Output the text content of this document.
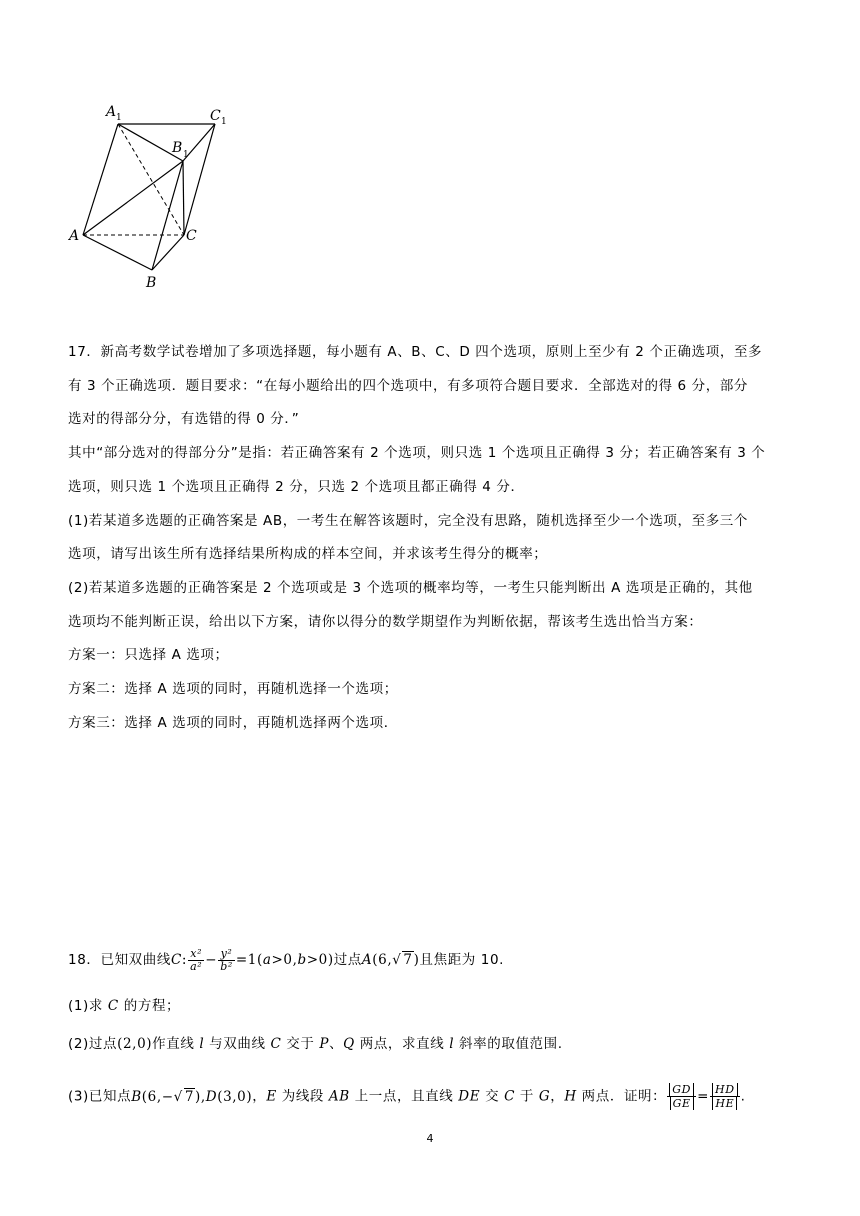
A 1	C 1
B 1
A	C
B
17．新高考数学试卷增加了多项选择题，每小题有 A、B、C、D 四个选项，原则上至少有 2 个正确选项，至多
有 3 个正确选项．题目要求：“在每小题给出的四个选项中，有多项符合题目要求．全部选对的得 6 分，部分
选对的得部分分，有选错的得 0 分．”
其中“部分选对的得部分分”是指：若正确答案有 2 个选项，则只选 1 个选项且正确得 3 分；若正确答案有 3 个
选项，则只选 1 个选项且正确得 2 分，只选 2 个选项且都正确得 4 分．
(1)若某道多选题的正确答案是 AB，一考生在解答该题时，完全没有思路，随机选择至少一个选项，至多三个
选项，请写出该生所有选择结果所构成的样本空间，并求该考生得分的概率；
(2)若某道多选题的正确答案是 2 个选项或是 3 个选项的概率均等，一考生只能判断出 A 选项是正确的，其他
选项均不能判断正误，给出以下方案，请你以得分的数学期望作为判断依据，帮该考生选出恰当方案：
方案一：只选择 A 选项；
方案二：选择 A 选项的同时，再随机选择一个选项；
方案三：选择 A 选项的同时，再随机选择两个选项．
18．已知双曲线C: $\frac{\text{x²}}{\text{a²}} - \frac{\text{y²}}{\text{b²}} =1(a>0,b>0)$过点A(6,√ 7)且焦距为 10.
(1)求 C 的方程；
(2)过点(2,0)作直线 l 与双曲线 C 交于 P、Q 两点，求直线 l 斜率的取值范围.
(3)已知点B(6,−√ 7),D(3,0)，E 为线段 AB 上一点，且直线 DE 交 C 于 G，H 两点．证明： $\frac{GD}{GE} = \frac{HD}{HE}$ .
4
